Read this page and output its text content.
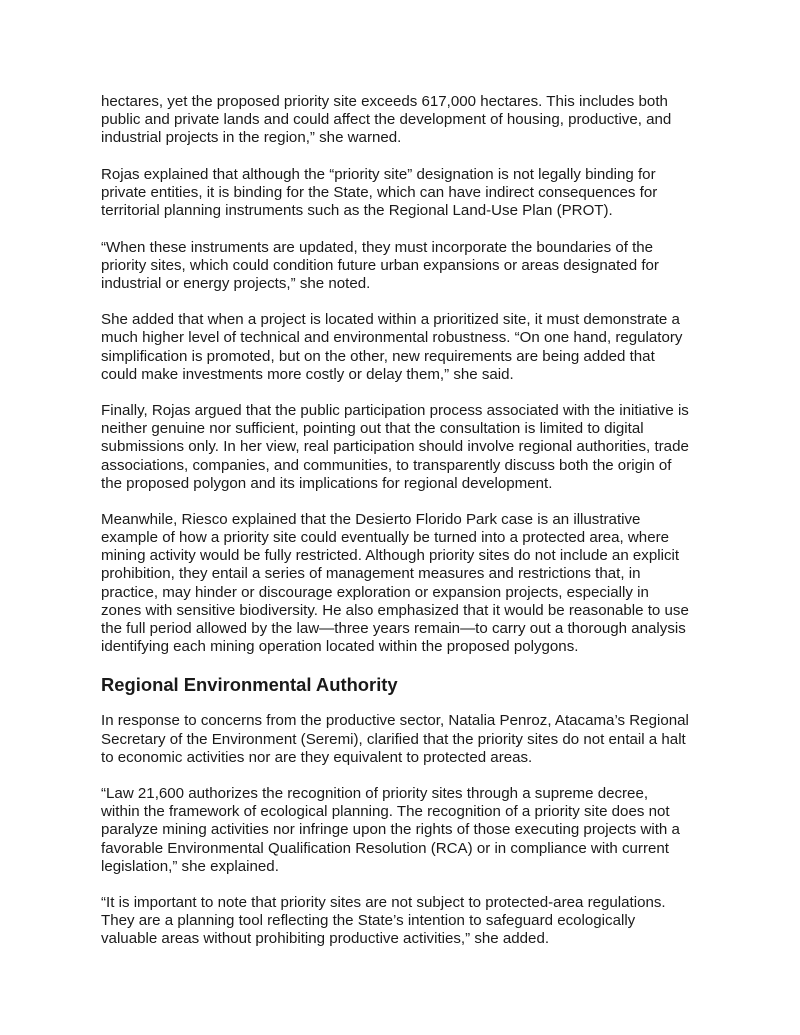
hectares, yet the proposed priority site exceeds 617,000 hectares. This includes both
public and private lands and could affect the development of housing, productive, and
industrial projects in the region,” she warned.

Rojas explained that although the “priority site” designation is not legally binding for
private entities, it is binding for the State, which can have indirect consequences for
territorial planning instruments such as the Regional Land-Use Plan (PROT).

“When these instruments are updated, they must incorporate the boundaries of the
priority sites, which could condition future urban expansions or areas designated for
industrial or energy projects,” she noted.

She added that when a project is located within a prioritized site, it must demonstrate a
much higher level of technical and environmental robustness. “On one hand, regulatory
simplification is promoted, but on the other, new requirements are being added that
could make investments more costly or delay them,” she said.

Finally, Rojas argued that the public participation process associated with the initiative is
neither genuine nor sufficient, pointing out that the consultation is limited to digital
submissions only. In her view, real participation should involve regional authorities, trade
associations, companies, and communities, to transparently discuss both the origin of
the proposed polygon and its implications for regional development.

Meanwhile, Riesco explained that the Desierto Florido Park case is an illustrative
example of how a priority site could eventually be turned into a protected area, where
mining activity would be fully restricted. Although priority sites do not include an explicit
prohibition, they entail a series of management measures and restrictions that, in
practice, may hinder or discourage exploration or expansion projects, especially in
zones with sensitive biodiversity. He also emphasized that it would be reasonable to use
the full period allowed by the law—three years remain—to carry out a thorough analysis
identifying each mining operation located within the proposed polygons.

Regional Environmental Authority

In response to concerns from the productive sector, Natalia Penroz, Atacama’s Regional
Secretary of the Environment (Seremi), clarified that the priority sites do not entail a halt
to economic activities nor are they equivalent to protected areas.

“Law 21,600 authorizes the recognition of priority sites through a supreme decree,
within the framework of ecological planning. The recognition of a priority site does not
paralyze mining activities nor infringe upon the rights of those executing projects with a
favorable Environmental Qualification Resolution (RCA) or in compliance with current
legislation,” she explained.

“It is important to note that priority sites are not subject to protected-area regulations.
They are a planning tool reflecting the State’s intention to safeguard ecologically
valuable areas without prohibiting productive activities,” she added.
